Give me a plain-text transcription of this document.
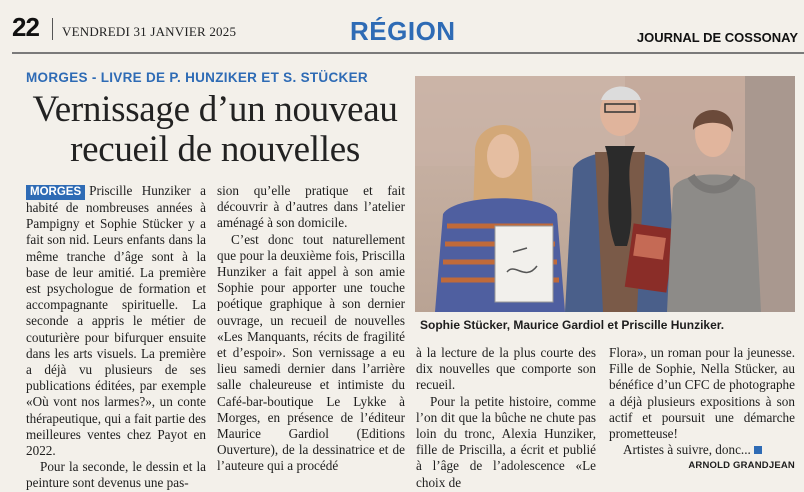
22 VENDREDI 31 JANVIER 2025	RÉGION	JOURNAL DE COSSONAY
MORGES - LIVRE DE P. HUNZIKER ET S. STÜCKER
Vernissage d’un nouveau
recueil de nouvelles

MORGES Priscille Hunziker a habité de nombreuses années à Pampigny et Sophie Stücker y a fait son nid. Leurs enfants dans la même tranche d’âge sont à la base de leur amitié. La première est psychologue de formation et accompagnante spirituelle. La seconde a appris le métier de couturière pour bifurquer ensuite dans les arts visuels. La première a déjà vu plusieurs de ses publications éditées, par exemple «Où vont nos larmes?», un conte thérapeutique, qui a fait partie des meilleures ventes chez Payot en 2022.

Pour la seconde, le dessin et la peinture sont devenus une pas-

sion qu’elle pratique et fait découvrir à d’autres dans l’atelier aménagé à son domicile.

C’est donc tout naturellement que pour la deuxième fois, Priscilla Hunziker a fait appel à son amie Sophie pour apporter une touche poétique graphique à son dernier ouvrage, un recueil de nouvelles «Les Manquants, récits de fragilité et d’espoir». Son vernissage a eu lieu samedi dernier dans l’arrière salle chaleureuse et intimiste du Café-bar-boutique Le Lykke à Morges, en présence de l’éditeur Maurice Gardiol (Editions Ouverture), de la dessinatrice et de l’auteure qui a procédé

Sophie Stücker, Maurice Gardiol et Priscille Hunziker.

à la lecture de la plus courte des dix nouvelles que comporte son recueil.

Pour la petite histoire, comme l’on dit que la bûche ne chute pas loin du tronc, Alexia Hunziker, fille de Priscilla, a écrit et publié à l’âge de l’adolescence «Le choix de

Flora», un roman pour la jeunesse. Fille de Sophie, Nella Stücker, au bénéfice d’un CFC de photographe a déjà plusieurs expositions à son actif et poursuit une démarche prometteuse!

Artistes à suivre, donc...

ARNOLD GRANDJEAN
